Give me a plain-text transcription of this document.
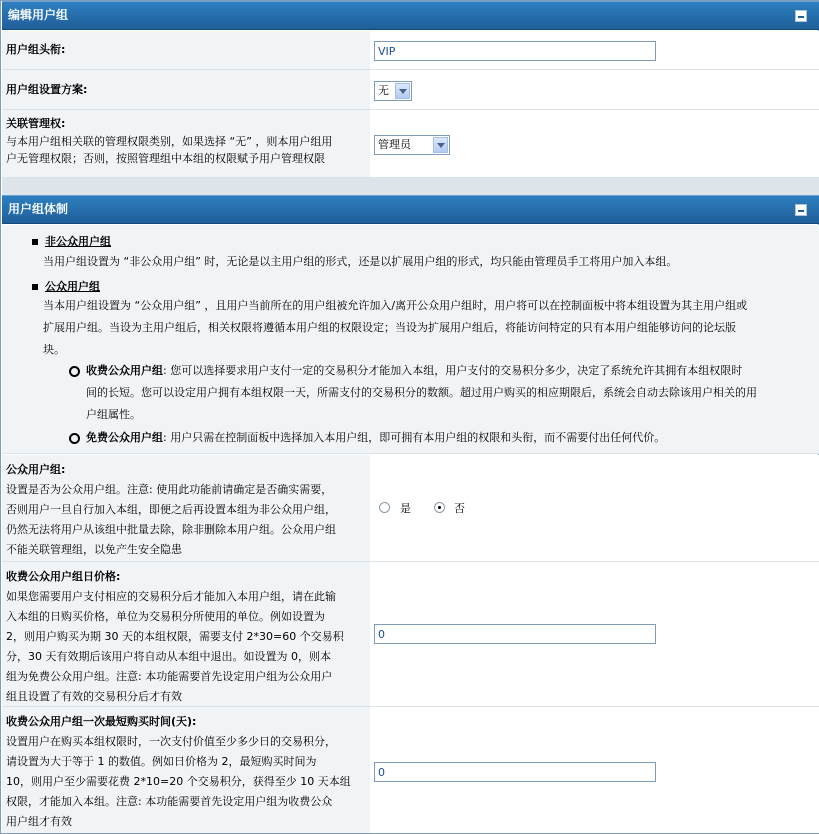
编辑用户组
用户组头衔:
VIP
用户组设置方案:	无
关联管理权:
与本用户组相关联的管理权限类别，如果选择 “无” ，则本用户组用
户无管理权限；否则，按照管理组中本组的权限赋予用户管理权限
管理员
用户组体制
非公众用户组
当用户组设置为 “非公众用户组” 时，无论是以主用户组的形式，还是以扩展用户组的形式，均只能由管理员手工将用户加入本组。
公众用户组
当本用户组设置为 “公众用户组” ，且用户当前所在的用户组被允许加入/离开公众用户组时，用户将可以在控制面板中将本组设置为其主用户组或
扩展用户组。当设为主用户组后，相关权限将遵循本用户组的权限设定；当设为扩展用户组后，将能访问特定的只有本用户组能够访问的论坛版
块。
收费公众用户组: 您可以选择要求用户支付一定的交易积分才能加入本组，用户支付的交易积分多少，决定了系统允许其拥有本组权限时
间的长短。您可以设定用户拥有本组权限一天，所需支付的交易积分的数额。超过用户购买的相应期限后，系统会自动去除该用户相关的用
户组属性。
免费公众用户组: 用户只需在控制面板中选择加入本用户组，即可拥有本用户组的权限和头衔，而不需要付出任何代价。
公众用户组:
设置是否为公众用户组。注意: 使用此功能前请确定是否确实需要，
否则用户一旦自行加入本组，即便之后再设置本组为非公众用户组，
仍然无法将用户从该组中批量去除，除非删除本用户组。公众用户组
不能关联管理组，以免产生安全隐患
是	否
收费公众用户组日价格:
如果您需要用户支付相应的交易积分后才能加入本用户组，请在此输
入本组的日购买价格，单位为交易积分所使用的单位。例如设置为
2，则用户购买为期 30 天的本组权限，需要支付 2*30=60 个交易积
分，30 天有效期后该用户将自动从本组中退出。如设置为 0，则本
组为免费公众用户组。注意: 本功能需要首先设定用户组为公众用户
组且设置了有效的交易积分后才有效
0
收费公众用户组一次最短购买时间(天):
设置用户在购买本组权限时，一次支付价值至少多少日的交易积分，
请设置为大于等于 1 的数值。例如日价格为 2，最短购买时间为
10，则用户至少需要花费 2*10=20 个交易积分，获得至少 10 天本组
权限，才能加入本组。注意: 本功能需要首先设定用户组为收费公众
用户组才有效
0
